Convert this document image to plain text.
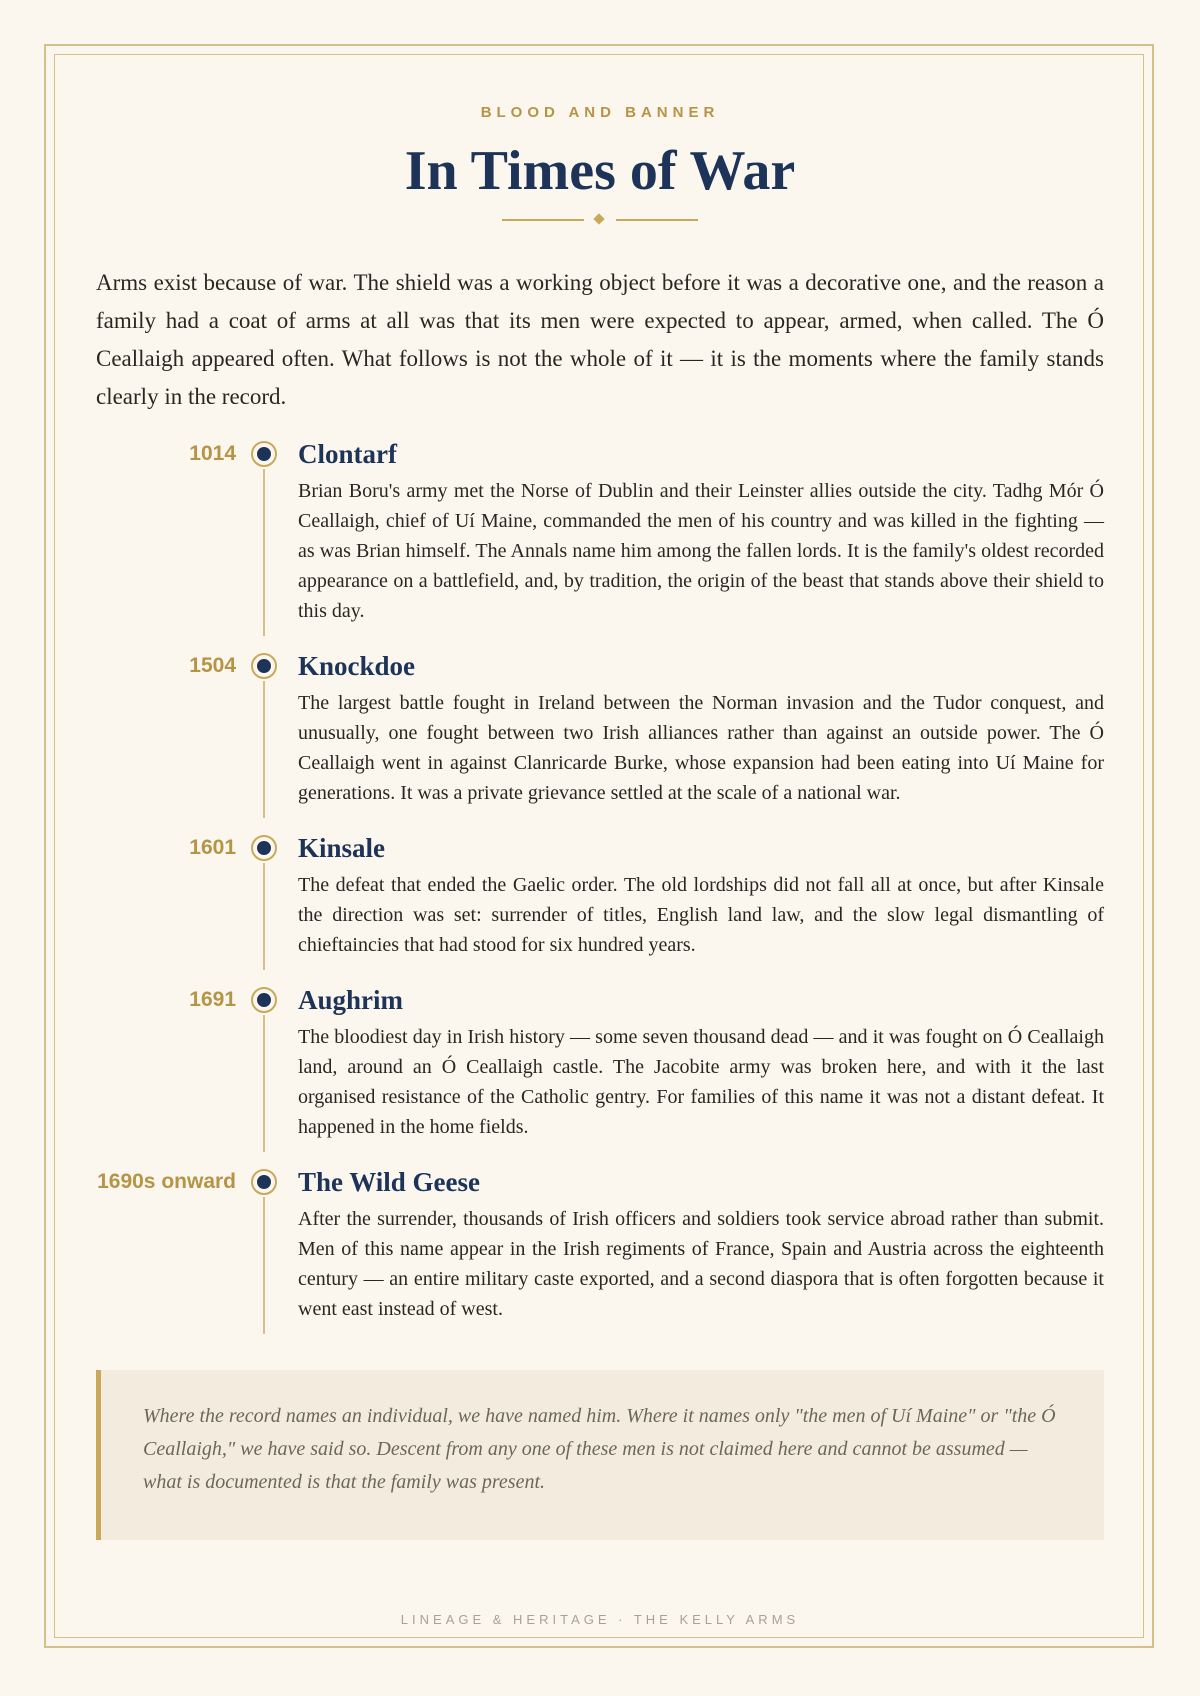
BLOOD AND BANNER
In Times of War

Arms exist because of war. The shield was a working object before it was a decorative one, and the reason a family had a coat of arms at all was that its men were expected to appear, armed, when called. The Ó Ceallaigh appeared often. What follows is not the whole of it — it is the moments where the family stands clearly in the record.

1014 Clontarf

Brian Boru's army met the Norse of Dublin and their Leinster allies outside the city. Tadhg Mór Ó Ceallaigh, chief of Uí Maine, commanded the men of his country and was killed in the fighting — as was Brian himself. The Annals name him among the fallen lords. It is the family's oldest recorded appearance on a battlefield, and, by tradition, the origin of the beast that stands above their shield to this day.

1504 Knockdoe

The largest battle fought in Ireland between the Norman invasion and the Tudor conquest, and unusually, one fought between two Irish alliances rather than against an outside power. The Ó Ceallaigh went in against Clanricarde Burke, whose expansion had been eating into Uí Maine for generations. It was a private grievance settled at the scale of a national war.

1601 Kinsale

The defeat that ended the Gaelic order. The old lordships did not fall all at once, but after Kinsale the direction was set: surrender of titles, English land law, and the slow legal dismantling of chieftaincies that had stood for six hundred years.

1691 Aughrim

The bloodiest day in Irish history — some seven thousand dead — and it was fought on Ó Ceallaigh land, around an Ó Ceallaigh castle. The Jacobite army was broken here, and with it the last organised resistance of the Catholic gentry. For families of this name it was not a distant defeat. It happened in the home fields.

1690s onward The Wild Geese

After the surrender, thousands of Irish officers and soldiers took service abroad rather than submit. Men of this name appear in the Irish regiments of France, Spain and Austria across the eighteenth century — an entire military caste exported, and a second diaspora that is often forgotten because it went east instead of west.

Where the record names an individual, we have named him. Where it names only "the men of Uí Maine" or "the Ó Ceallaigh," we have said so. Descent from any one of these men is not claimed here and cannot be assumed — what is documented is that the family was present.

LINEAGE & HERITAGE · THE KELLY ARMS
